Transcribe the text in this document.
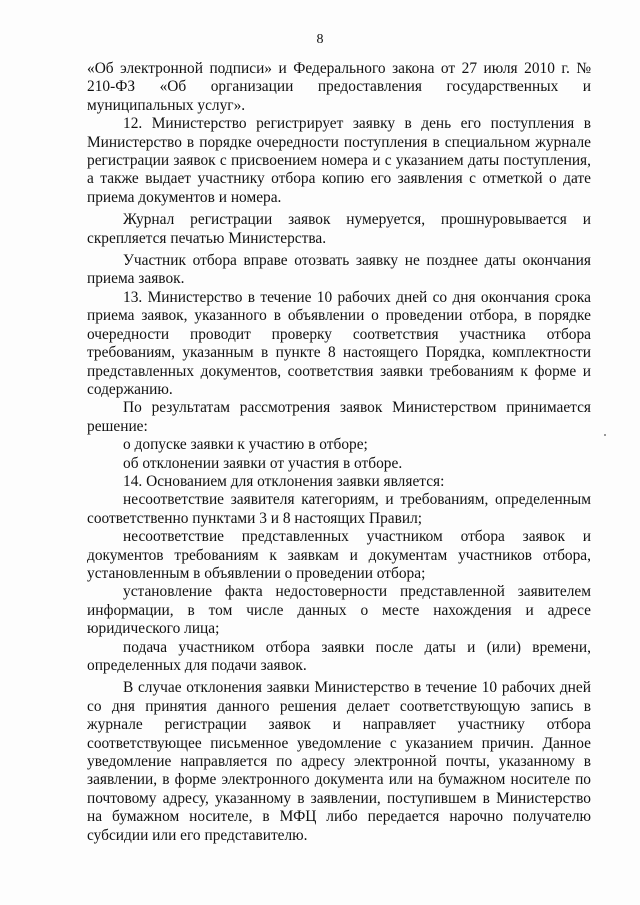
8

«Об электронной подписи» и Федерального закона от 27 июля 2010 г. № 210-ФЗ «Об организации предоставления государственных и муниципальных услуг».

12. Министерство регистрирует заявку в день его поступления в Министерство в порядке очередности поступления в специальном журнале регистрации заявок с присвоением номера и с указанием даты поступления, а также выдает участнику отбора копию его заявления с отметкой о дате приема документов и номера.

Журнал регистрации заявок нумеруется, прошнуровывается и скрепляется печатью Министерства.

Участник отбора вправе отозвать заявку не позднее даты окончания приема заявок.

13. Министерство в течение 10 рабочих дней со дня окончания срока приема заявок, указанного в объявлении о проведении отбора, в порядке очередности проводит проверку соответствия участника отбора требованиям, указанным в пункте 8 настоящего Порядка, комплектности представленных документов, соответствия заявки требованиям к форме и содержанию.

По результатам рассмотрения заявок Министерством принимается решение:

о допуске заявки к участию в отборе;

об отклонении заявки от участия в отборе.

14. Основанием для отклонения заявки является:

несоответствие заявителя категориям, и требованиям, определенным соответственно пунктами 3 и 8 настоящих Правил;

несоответствие представленных участником отбора заявок и документов требованиям к заявкам и документам участников отбора, установленным в объявлении о проведении отбора;

установление факта недостоверности представленной заявителем информации, в том числе данных о месте нахождения и адресе юридического лица;

подача участником отбора заявки после даты и (или) времени, определенных для подачи заявок.

В случае отклонения заявки Министерство в течение 10 рабочих дней со дня принятия данного решения делает соответствующую запись в журнале регистрации заявок и направляет участнику отбора соответствующее письменное уведомление с указанием причин. Данное уведомление направляется по адресу электронной почты, указанному в заявлении, в форме электронного документа или на бумажном носителе по почтовому адресу, указанному в заявлении, поступившем в Министерство на бумажном носителе, в МФЦ либо передается нарочно получателю субсидии или его представителю.
